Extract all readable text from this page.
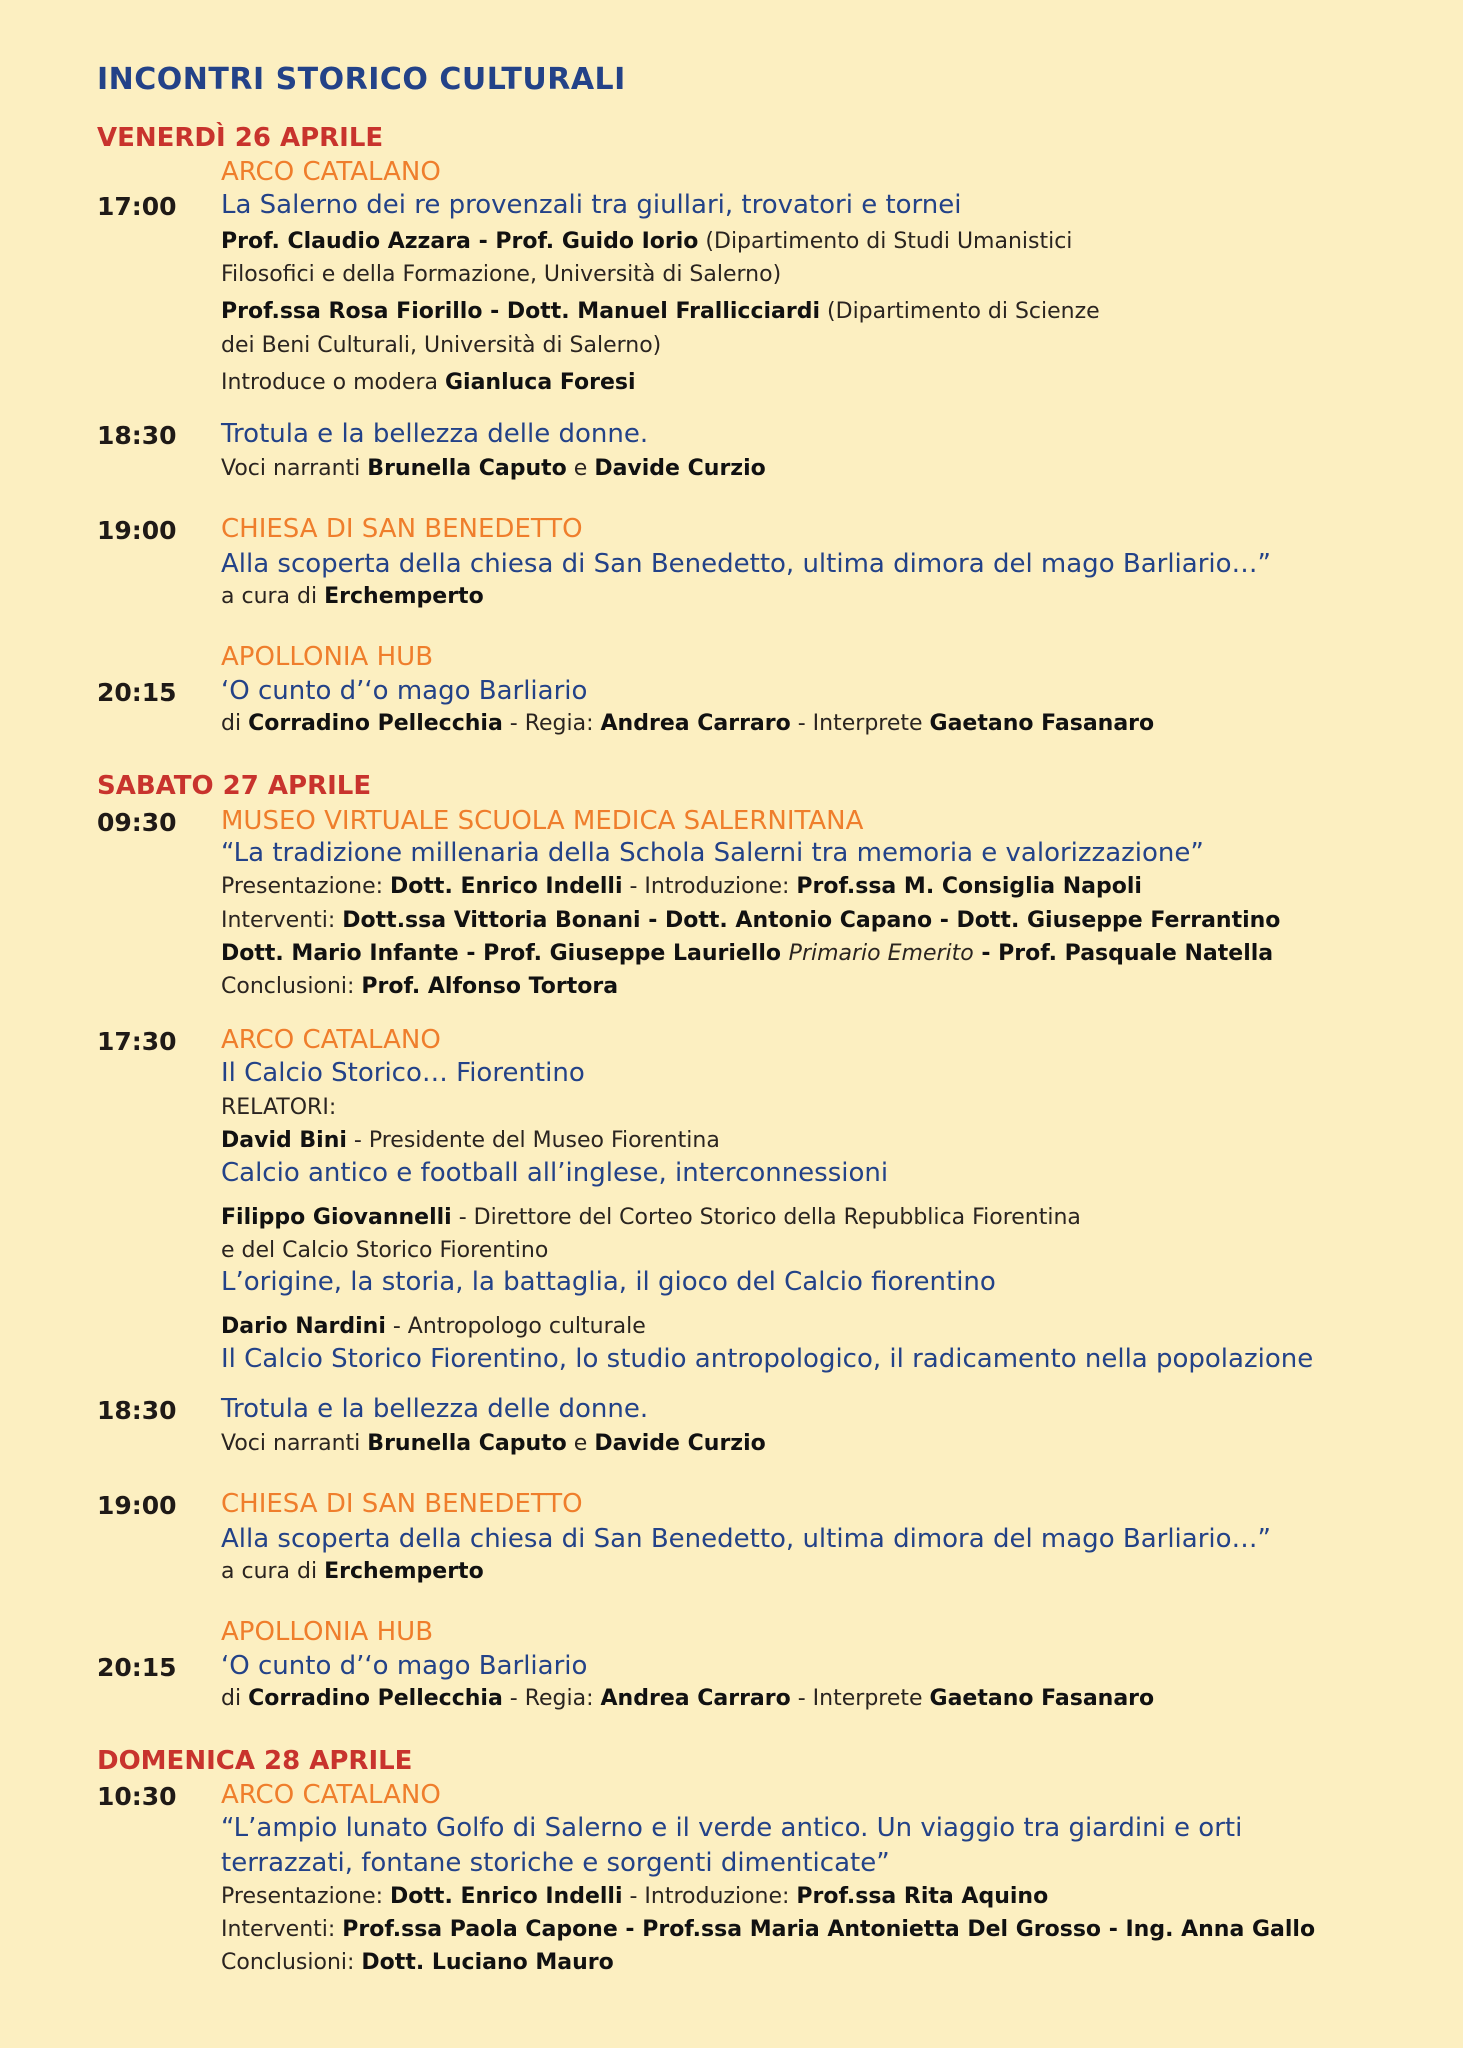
INCONTRI STORICO CULTURALI
VENERDÌ 26 APRILE
ARCO CATALANO
17:00 La Salerno dei re provenzali tra giullari, trovatori e tornei
Prof. Claudio Azzara - Prof. Guido Iorio (Dipartimento di Studi Umanistici
Filosofici e della Formazione, Università di Salerno)
Prof.ssa Rosa Fiorillo - Dott. Manuel Frallicciardi (Dipartimento di Scienze
dei Beni Culturali, Università di Salerno)
Introduce o modera Gianluca Foresi
18:30 Trotula e la bellezza delle donne.
Voci narranti Brunella Caputo e Davide Curzio
19:00 CHIESA DI SAN BENEDETTO
Alla scoperta della chiesa di San Benedetto, ultima dimora del mago Barliario…”
a cura di Erchemperto
APOLLONIA HUB
20:15 ‘O cunto d’‘o mago Barliario
di Corradino Pellecchia - Regia: Andrea Carraro - Interprete Gaetano Fasanaro
SABATO 27 APRILE
09:30 MUSEO VIRTUALE SCUOLA MEDICA SALERNITANA
“La tradizione millenaria della Schola Salerni tra memoria e valorizzazione”
Presentazione: Dott. Enrico Indelli - Introduzione: Prof.ssa M. Consiglia Napoli
Interventi: Dott.ssa Vittoria Bonani - Dott. Antonio Capano - Dott. Giuseppe Ferrantino
Dott. Mario Infante - Prof. Giuseppe Lauriello Primario Emerito - Prof. Pasquale Natella
Conclusioni: Prof. Alfonso Tortora
17:30 ARCO CATALANO
Il Calcio Storico… Fiorentino
RELATORI:
David Bini - Presidente del Museo Fiorentina
Calcio antico e football all’inglese, interconnessioni
Filippo Giovannelli - Direttore del Corteo Storico della Repubblica Fiorentina
e del Calcio Storico Fiorentino
L’origine, la storia, la battaglia, il gioco del Calcio fiorentino
Dario Nardini - Antropologo culturale
Il Calcio Storico Fiorentino, lo studio antropologico, il radicamento nella popolazione
18:30 Trotula e la bellezza delle donne.
Voci narranti Brunella Caputo e Davide Curzio
19:00 CHIESA DI SAN BENEDETTO
Alla scoperta della chiesa di San Benedetto, ultima dimora del mago Barliario…”
a cura di Erchemperto
APOLLONIA HUB
20:15 ‘O cunto d’‘o mago Barliario
di Corradino Pellecchia - Regia: Andrea Carraro - Interprete Gaetano Fasanaro
DOMENICA 28 APRILE
10:30 ARCO CATALANO
“L’ampio lunato Golfo di Salerno e il verde antico. Un viaggio tra giardini e orti
terrazzati, fontane storiche e sorgenti dimenticate”
Presentazione: Dott. Enrico Indelli - Introduzione: Prof.ssa Rita Aquino
Interventi: Prof.ssa Paola Capone - Prof.ssa Maria Antonietta Del Grosso - Ing. Anna Gallo
Conclusioni: Dott. Luciano Mauro
